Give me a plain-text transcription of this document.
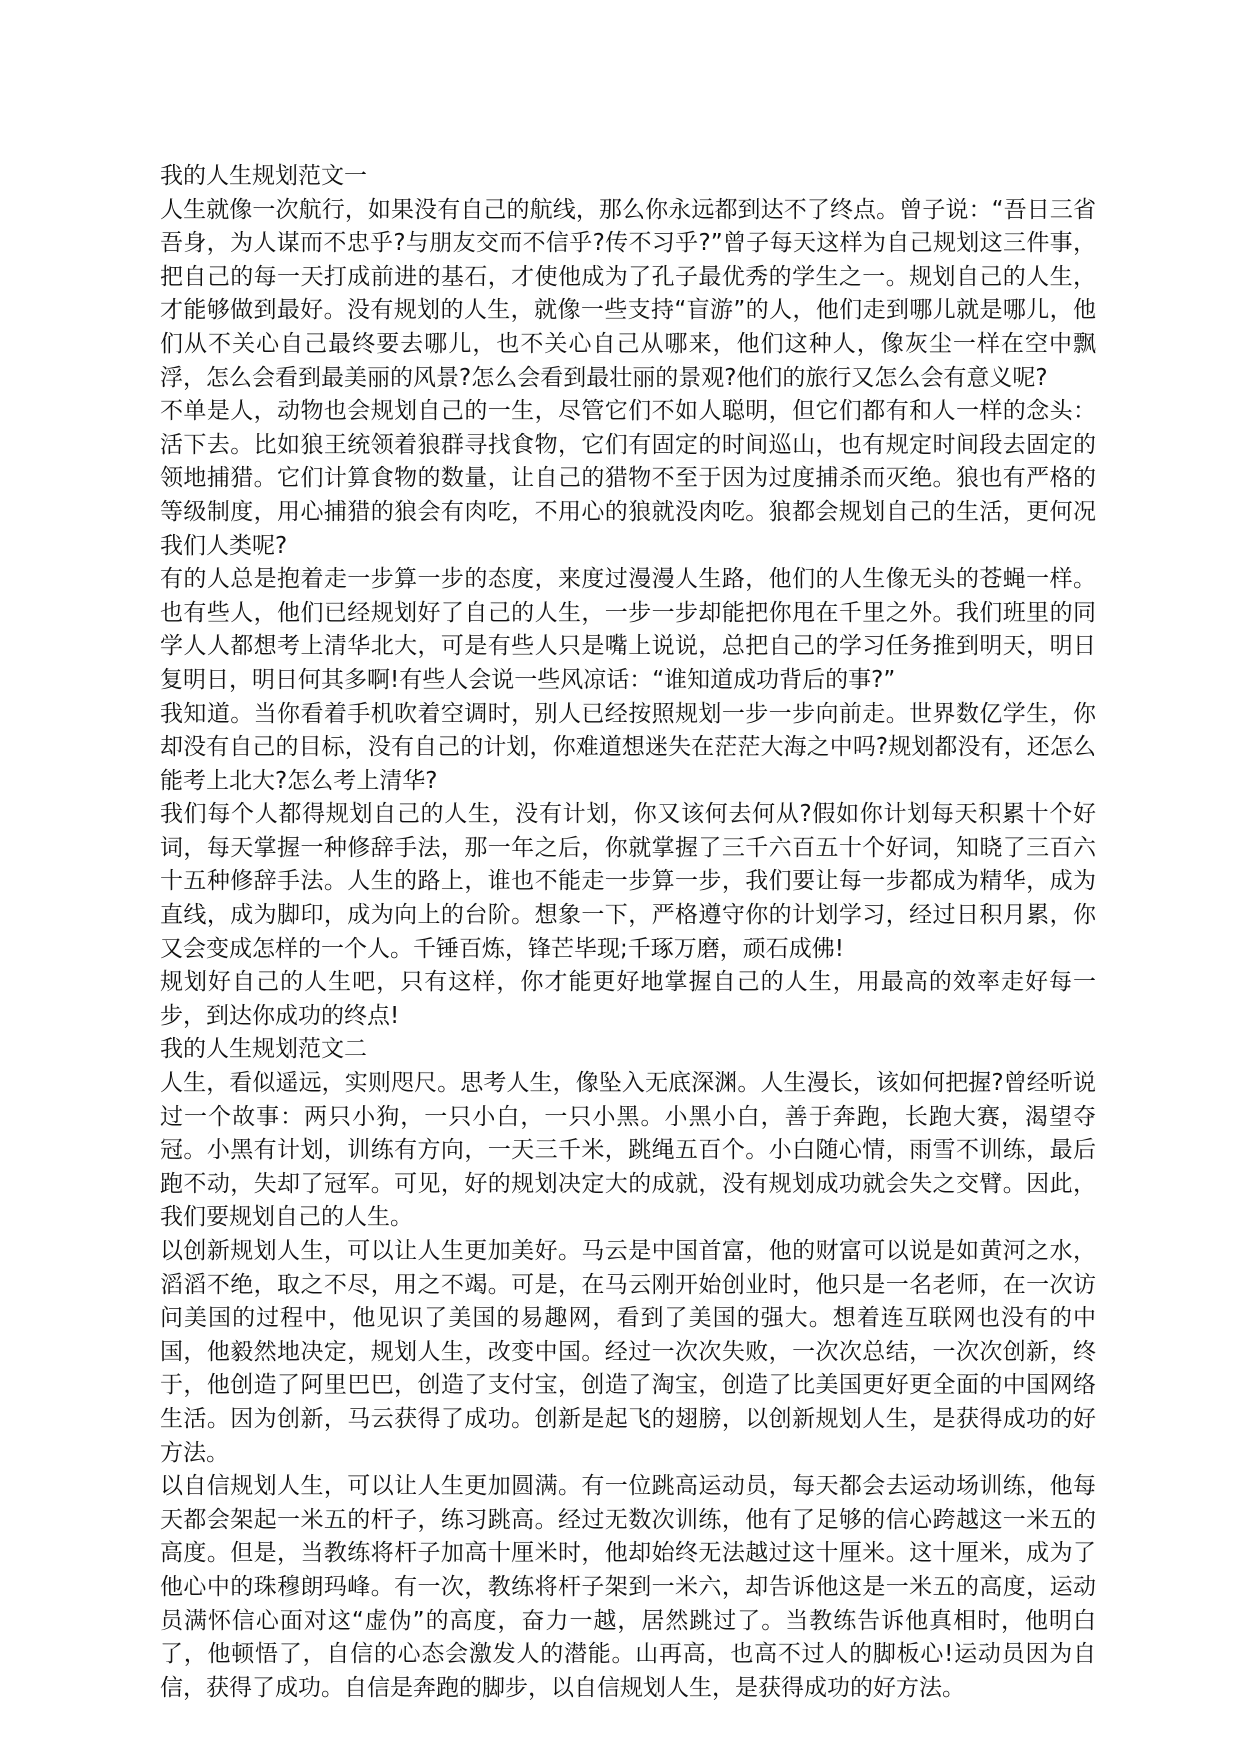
我的人生规划范文一

人生就像一次航行，如果没有自己的航线，那么你永远都到达不了终点。曾子说：“吾日三省吾身，为人谋而不忠乎?与朋友交而不信乎?传不习乎?”曾子每天这样为自己规划这三件事，把自己的每一天打成前进的基石，才使他成为了孔子最优秀的学生之一。规划自己的人生，才能够做到最好。没有规划的人生，就像一些支持“盲游”的人，他们走到哪儿就是哪儿，他们从不关心自己最终要去哪儿，也不关心自己从哪来，他们这种人，像灰尘一样在空中飘浮，怎么会看到最美丽的风景?怎么会看到最壮丽的景观?他们的旅行又怎么会有意义呢?

不单是人，动物也会规划自己的一生，尽管它们不如人聪明，但它们都有和人一样的念头：活下去。比如狼王统领着狼群寻找食物，它们有固定的时间巡山，也有规定时间段去固定的领地捕猎。它们计算食物的数量，让自己的猎物不至于因为过度捕杀而灭绝。狼也有严格的等级制度，用心捕猎的狼会有肉吃，不用心的狼就没肉吃。狼都会规划自己的生活，更何况我们人类呢?

有的人总是抱着走一步算一步的态度，来度过漫漫人生路，他们的人生像无头的苍蝇一样。也有些人，他们已经规划好了自己的人生，一步一步却能把你甩在千里之外。我们班里的同学人人都想考上清华北大，可是有些人只是嘴上说说，总把自己的学习任务推到明天，明日复明日，明日何其多啊!有些人会说一些风凉话：“谁知道成功背后的事?”

我知道。当你看着手机吹着空调时，别人已经按照规划一步一步向前走。世界数亿学生，你却没有自己的目标，没有自己的计划，你难道想迷失在茫茫大海之中吗?规划都没有，还怎么能考上北大?怎么考上清华?

我们每个人都得规划自己的人生，没有计划，你又该何去何从?假如你计划每天积累十个好词，每天掌握一种修辞手法，那一年之后，你就掌握了三千六百五十个好词，知晓了三百六十五种修辞手法。人生的路上，谁也不能走一步算一步，我们要让每一步都成为精华，成为直线，成为脚印，成为向上的台阶。想象一下，严格遵守你的计划学习，经过日积月累，你又会变成怎样的一个人。千锤百炼，锋芒毕现;千琢万磨，顽石成佛!

规划好自己的人生吧，只有这样，你才能更好地掌握自己的人生，用最高的效率走好每一步，到达你成功的终点!

我的人生规划范文二

人生，看似遥远，实则咫尺。思考人生，像坠入无底深渊。人生漫长，该如何把握?曾经听说过一个故事：两只小狗，一只小白，一只小黑。小黑小白，善于奔跑，长跑大赛，渴望夺冠。小黑有计划，训练有方向，一天三千米，跳绳五百个。小白随心情，雨雪不训练，最后跑不动，失却了冠军。可见，好的规划决定大的成就，没有规划成功就会失之交臂。因此，我们要规划自己的人生。

以创新规划人生，可以让人生更加美好。马云是中国首富，他的财富可以说是如黄河之水，滔滔不绝，取之不尽，用之不竭。可是，在马云刚开始创业时，他只是一名老师，在一次访问美国的过程中，他见识了美国的易趣网，看到了美国的强大。想着连互联网也没有的中国，他毅然地决定，规划人生，改变中国。经过一次次失败，一次次总结，一次次创新，终于，他创造了阿里巴巴，创造了支付宝，创造了淘宝，创造了比美国更好更全面的中国网络生活。因为创新，马云获得了成功。创新是起飞的翅膀，以创新规划人生，是获得成功的好方法。

以自信规划人生，可以让人生更加圆满。有一位跳高运动员，每天都会去运动场训练，他每天都会架起一米五的杆子，练习跳高。经过无数次训练，他有了足够的信心跨越这一米五的高度。但是，当教练将杆子加高十厘米时，他却始终无法越过这十厘米。这十厘米，成为了他心中的珠穆朗玛峰。有一次，教练将杆子架到一米六，却告诉他这是一米五的高度，运动员满怀信心面对这“虚伪”的高度，奋力一越，居然跳过了。当教练告诉他真相时，他明白了，他顿悟了，自信的心态会激发人的潜能。山再高，也高不过人的脚板心!运动员因为自信，获得了成功。自信是奔跑的脚步，以自信规划人生，是获得成功的好方法。
